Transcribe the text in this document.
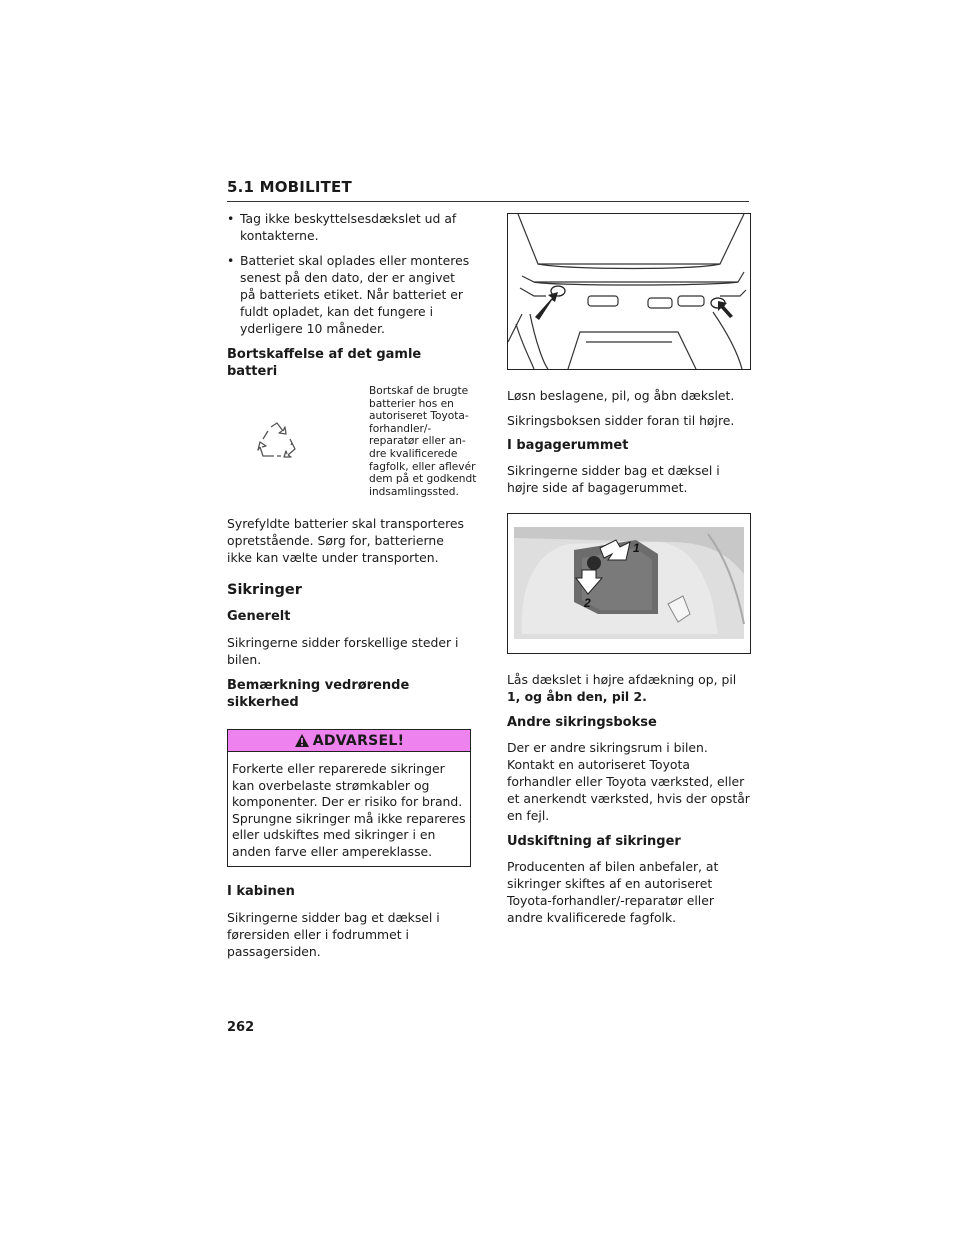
5.1 MOBILITET

• Tag ikke beskyttelsesdækslet ud af kontakterne.

• Batteriet skal oplades eller monteres senest på den dato, der er angivet på batteriets etiket. Når batteriet er fuldt opladet, kan det fungere i yderligere 10 måneder.

Bortskaffelse af det gamle batteri
Bortskaf de brugte batterier hos en autoriseret Toyota-forhandler/-reparatør eller an-dre kvalificerede fagfolk, eller aflevér dem på et godkendt indsamlingssted.

Syrefyldte batterier skal transporteres opretstående. Sørg for, batterierne ikke kan vælte under transporten.

Sikringer
Generelt

Sikringerne sidder forskellige steder i bilen.

Bemærkning vedrørende sikkerhed
ADVARSEL!
Forkerte eller reparerede sikringer kan overbelaste strømkabler og komponenter. Der er risiko for brand. Sprungne sikringer må ikke repareres eller udskiftes med sikringer i en anden farve eller ampereklasse.
I kabinen

Sikringerne sidder bag et dæksel i førersiden eller i fodrummet i passagersiden.

Løsn beslagene, pil, og åbn dækslet.

Sikringsboksen sidder foran til højre.

I bagagerummet

Sikringerne sidder bag et dæksel i højre side af bagagerummet.

1
2

Lås dækslet i højre afdækning op, pil 1, og åbn den, pil 2.

Andre sikringsbokse

Der er andre sikringsrum i bilen. Kontakt en autoriseret Toyota forhandler eller Toyota værksted, eller et anerkendt værksted, hvis der opstår en fejl.

Udskiftning af sikringer

Producenten af bilen anbefaler, at sikringer skiftes af en autoriseret Toyota-forhandler/-reparatør eller andre kvalificerede fagfolk.

262
